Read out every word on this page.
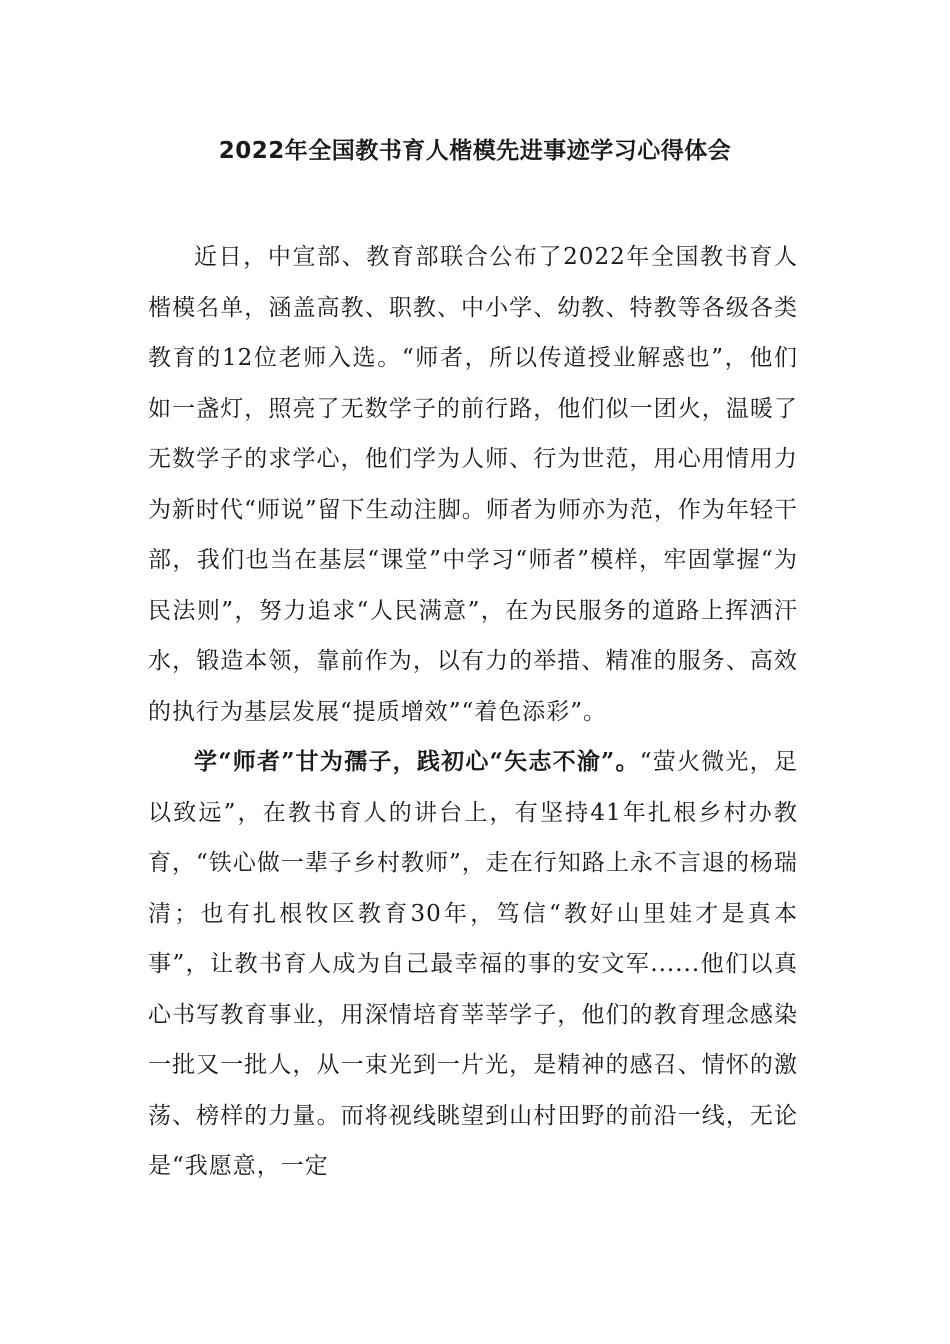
2022年全国教书育人楷模先进事迹学习心得体会

近日，中宣部、教育部联合公布了2022年全国教书育人楷模名单，涵盖高教、职教、中小学、幼教、特教等各级各类教育的12位老师入选。“师者，所以传道授业解惑也”，他们如一盏灯，照亮了无数学子的前行路，他们似一团火，温暖了无数学子的求学心，他们学为人师、行为世范，用心用情用力为新时代“师说”留下生动注脚。师者为师亦为范，作为年轻干部，我们也当在基层“课堂”中学习“师者”模样，牢固掌握“为民法则”，努力追求“人民满意”，在为民服务的道路上挥洒汗水，锻造本领，靠前作为，以有力的举措、精准的服务、高效的执行为基层发展“提质增效”“着色添彩”。

学“师者”甘为孺子，践初心“矢志不渝”。“萤火微光，足以致远”，在教书育人的讲台上，有坚持41年扎根乡村办教育，“铁心做一辈子乡村教师”，走在行知路上永不言退的杨瑞清；也有扎根牧区教育30年，笃信“教好山里娃才是真本事”，让教书育人成为自己最幸福的事的安文军......他们以真心书写教育事业，用深情培育莘莘学子，他们的教育理念感染一批又一批人，从一束光到一片光，是精神的感召、情怀的激荡、榜样的力量。而将视线眺望到山村田野的前沿一线，无论是“我愿意，一定
